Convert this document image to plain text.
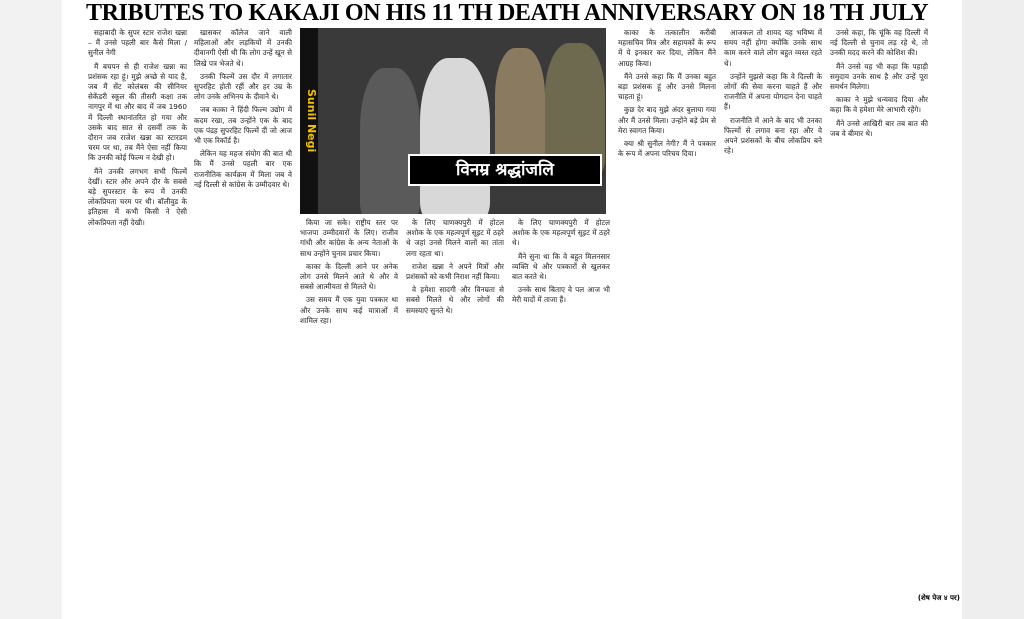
TRIBUTES TO KAKAJI ON HIS 11 TH DEATH ANNIVERSARY ON 18 TH JULY

सहाबादी के सुपर स्टार राजेश खन्ना – मैं उनसे पहली बार कैसे मिला / सुनील नेगी

मैं बचपन से ही राजेश खन्ना का प्रशंसक रहा हूं। मुझे अच्छे से याद है, जब मैं सेंट कोलंबस की सीनियर सेकेंडरी स्कूल की तीसरी कक्षा तक नागपुर में था और बाद में जब 1960 में दिल्ली स्थानांतरित हो गया और उसके बाद सात से दसवीं तक के दौरान जब राजेश खन्ना का स्टारडम चरम पर था, तब मैंने ऐसा नहीं किया कि उनकी कोई फिल्म न देखी हो।

मैंने उनकी लगभग सभी फिल्में देखीं। स्टार और अपने दौर के सबसे बड़े सुपरस्टार के रूप में उनकी लोकप्रियता चरम पर थी। बॉलीवुड के इतिहास में कभी किसी ने ऐसी लोकप्रियता नहीं देखी।

खासकर कॉलेज जाने वाली महिलाओं और लड़कियों में उनकी दीवानगी ऐसी थी कि लोग उन्हें खून से लिखे पत्र भेजते थे।

उनकी फिल्में उस दौर में लगातार सुपरहिट होती रहीं और हर उम्र के लोग उनके अभिनय के दीवाने थे।

जब काका ने हिंदी फिल्म उद्योग में कदम रखा, तब उन्होंने एक के बाद एक पंद्रह सुपरहिट फिल्में दीं जो आज भी एक रिकॉर्ड है।

लेकिन यह महज संयोग की बात थी कि मैं उनसे पहली बार एक राजनीतिक कार्यक्रम में मिला जब वे नई दिल्ली से कांग्रेस के उम्मीदवार थे।

Sunil Negi
विनम्र श्रद्धांजलि

किया जा सके। राष्ट्रीय स्तर पर भाजपा उम्मीदवारों के लिए। राजीव गांधी और कांग्रेस के अन्य नेताओं के साथ उन्होंने चुनाव प्रचार किया।

काका के दिल्ली आने पर अनेक लोग उनसे मिलने आते थे और वे सबसे आत्मीयता से मिलते थे।

उस समय मैं एक युवा पत्रकार था और उनके साथ कई यात्राओं में शामिल रहा।

के लिए चाणक्यपुरी में होटल अशोक के एक महत्वपूर्ण सूइट में ठहरे थे जहां उनसे मिलने वालों का तांता लगा रहता था।

राजेश खन्ना ने अपने मित्रों और प्रशंसकों को कभी निराश नहीं किया।

वे हमेशा सादगी और विनम्रता से सबसे मिलते थे और लोगों की समस्याएं सुनते थे।

के लिए चाणक्यपुरी में होटल अशोक के एक महत्वपूर्ण सूइट में ठहरे थे।

मैंने सुना था कि वे बहुत मिलनसार व्यक्ति थे और पत्रकारों से खुलकर बात करते थे।

उनके साथ बिताए वे पल आज भी मेरी यादों में ताजा हैं।

काका के तत्कालीन करीबी महासचिव मित्र और सहायकों के रूप में ये इनकार कर दिया, लेकिन मैंने आग्रह किया।

मैंने उनसे कहा कि मैं उनका बहुत बड़ा प्रशंसक हूं और उनसे मिलना चाहता हूं।

कुछ देर बाद मुझे अंदर बुलाया गया और मैं उनसे मिला। उन्होंने बड़े प्रेम से मेरा स्वागत किया।

क्या श्री सुनील नेगी? मैं ने पत्रकार के रूप में अपना परिचय दिया।

आजकल तो शायद यह भविष्य में समय नहीं होगा क्योंकि उनके साथ काम करने वाले लोग बहुत व्यस्त रहते थे।

उन्होंने मुझसे कहा कि वे दिल्ली के लोगों की सेवा करना चाहते हैं और राजनीति में अपना योगदान देना चाहते हैं।

राजनीति में आने के बाद भी उनका फिल्मों से लगाव बना रहा और वे अपने प्रशंसकों के बीच लोकप्रिय बने रहे।

उनसे कहा, कि चूंकि वह दिल्ली में नई दिल्ली से चुनाव लड़ रहे थे, तो उनकी मदद करने की कोशिश की।

मैंने उनसे यह भी कहा कि पहाड़ी समुदाय उनके साथ है और उन्हें पूरा समर्थन मिलेगा।

काका ने मुझे धन्यवाद दिया और कहा कि वे हमेशा मेरे आभारी रहेंगे।

मैंने उनसे आखिरी बार तब बात की जब वे बीमार थे।

(शेष पेज ४ पर)
